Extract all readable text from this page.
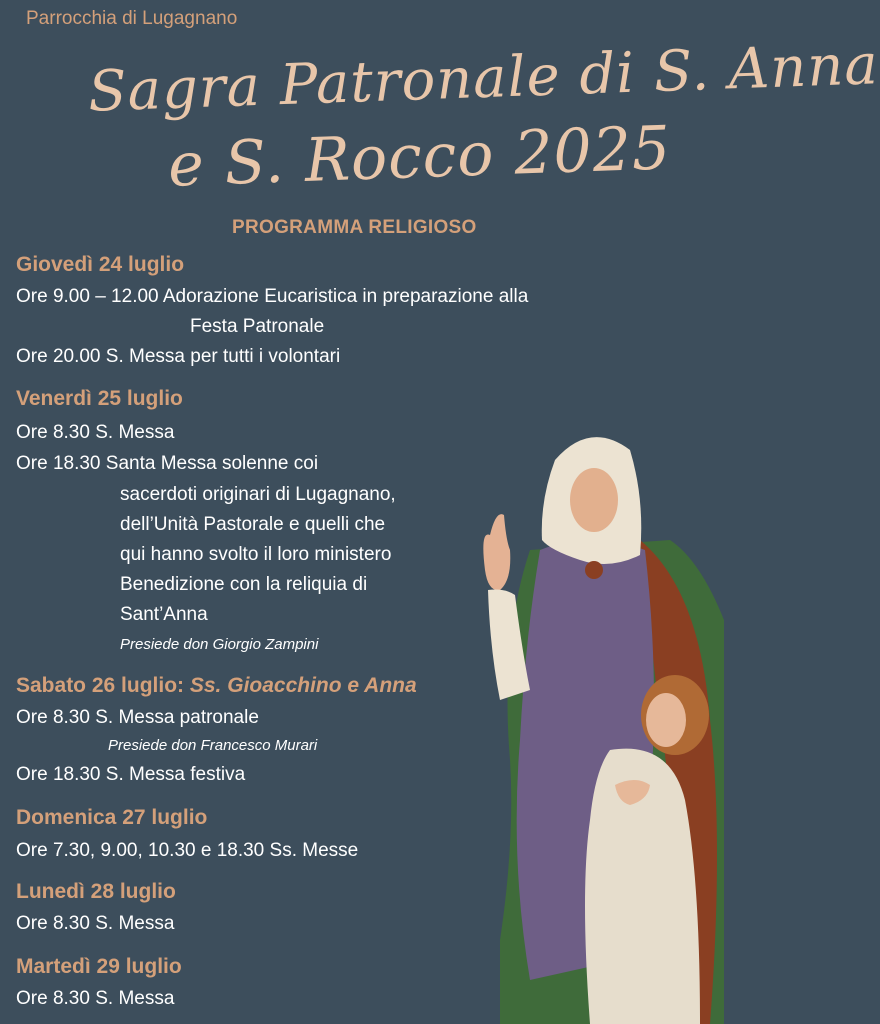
Parrocchia di Lugagnano
Sagra Patronale di S. Anna
e S. Rocco 2025
PROGRAMMA RELIGIOSO
Giovedì 24 luglio
Ore 9.00 – 12.00 Adorazione Eucaristica in preparazione alla
Festa Patronale
Ore 20.00 S. Messa per tutti i volontari
Venerdì 25 luglio
Ore 8.30 S. Messa
Ore 18.30 Santa Messa solenne coi
sacerdoti originari di Lugagnano,
dell’Unità Pastorale e quelli che
qui hanno svolto il loro ministero
Benedizione con la reliquia di
Sant’Anna
Presiede don Giorgio Zampini
Sabato 26 luglio: Ss. Gioacchino e Anna
Ore 8.30 S. Messa patronale
Presiede don Francesco Murari
Ore 18.30 S. Messa festiva
Domenica 27 luglio
Ore 7.30, 9.00, 10.30 e 18.30 Ss. Messe
Lunedì 28 luglio
Ore 8.30 S. Messa
Martedì 29 luglio
Ore 8.30 S. Messa
